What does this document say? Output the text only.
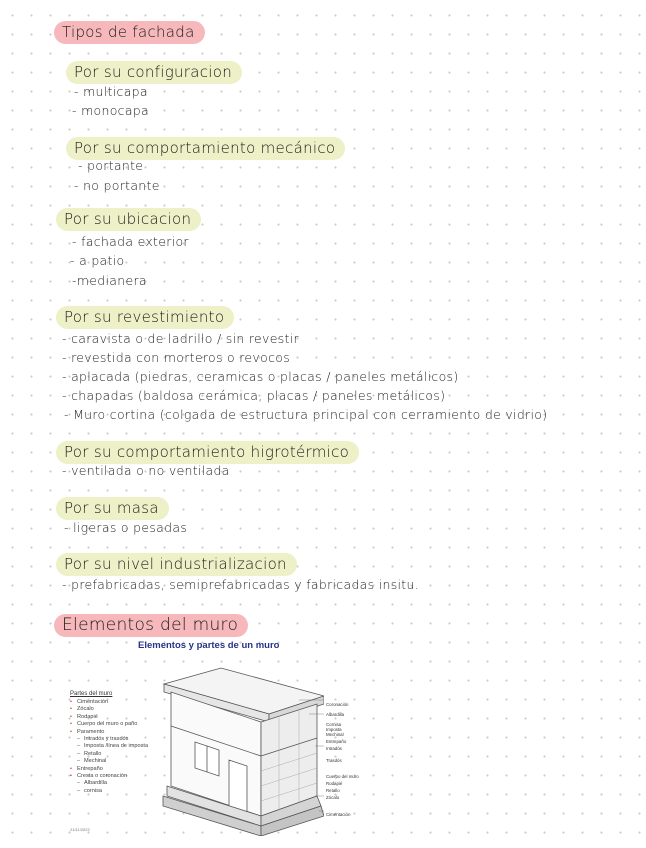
Tipos de fachada
Por su configuracion
- multicapa
- monocapa
Por su comportamiento mecánico
- portante
- no portante
Por su ubicacion
- fachada exterior
- a patio
-medianera
Por su revestimiento
- caravista o de ladrillo / sin revestir
- revestida con morteros o revocos
- aplacada (piedras, ceramicas o placas / paneles metálicos)
- chapadas (baldosa cerámica, placas / paneles metálicos)
- Muro cortina (colgada de estructura principal con cerramiento de vidrio)
Por su comportamiento higrotérmico
- ventilada o no ventilada
Por su masa
- ligeras o pesadas
Por su nivel industrializacion
- prefabricadas, semiprefabricadas y fabricadas insitu.
Elementos del muro
Elementos y partes de un muro
Partes del muro
• Cimentación
• Zócalo
• Rodapié
• Cuerpo del muro o paño
• Paramento
– Intradós y trasdós
– Imposta /línea de imposta
– Retallo
– Mechinal
• Entrepaño
• Cresta o coronación
– Albardilla
– cornisa
Coronación
Albardilla
Cornisa
Imposta
Mechinal
Entrepaño
Intradós
Trasdós
Cuerpo del muro
Rodapié
Retallo
Zócalo
Cimentación
21/11/2022
